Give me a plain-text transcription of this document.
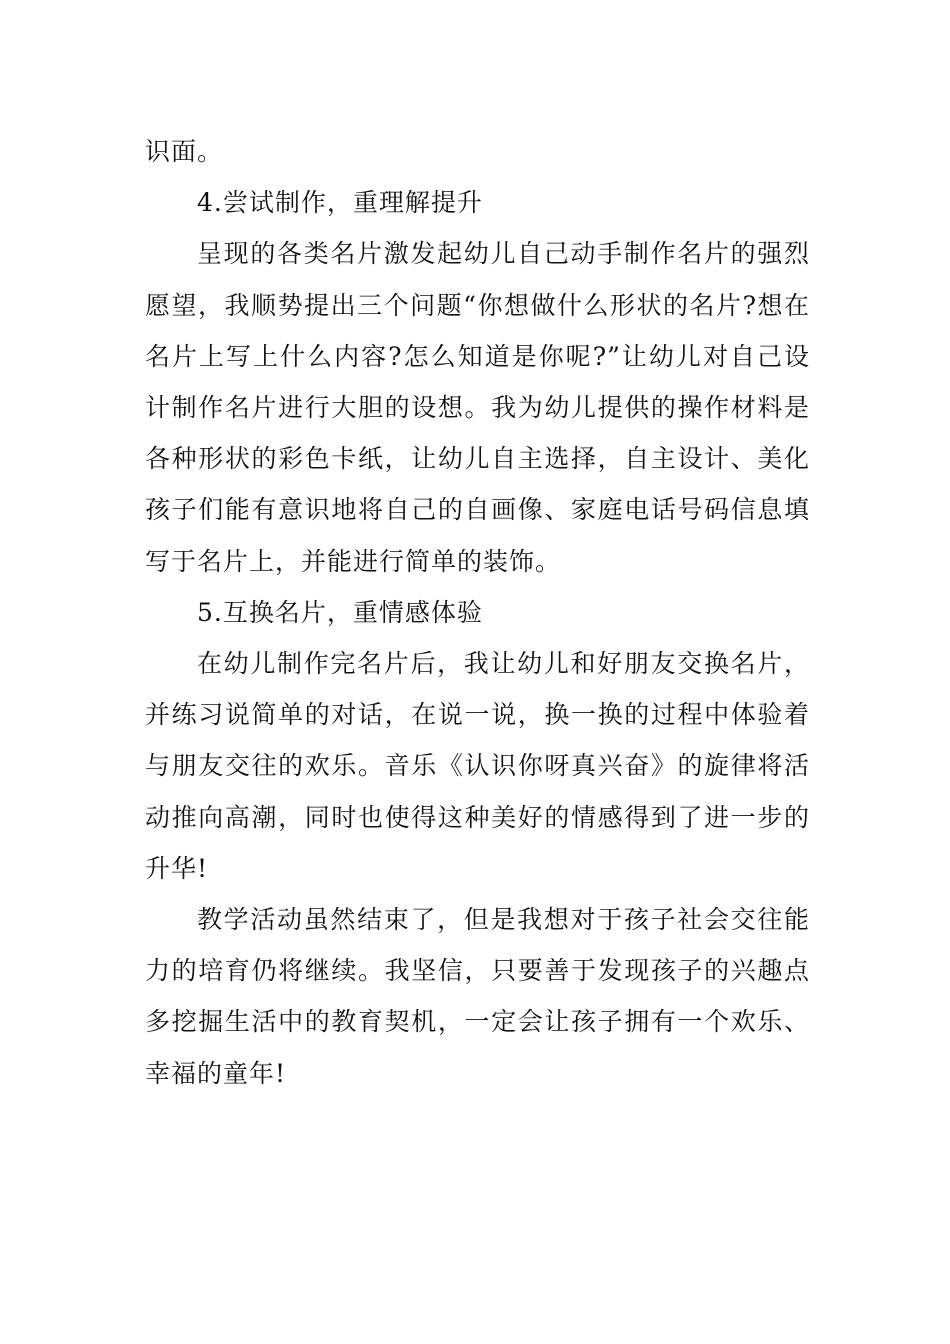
识面。

4.尝试制作，重理解提升

呈现的各类名片激发起幼儿自己动手制作名片的强烈愿望，我顺势提出三个问题“你想做什么形状的名片?想在名片上写上什么内容?怎么知道是你呢?”让幼儿对自己设计制作名片进行大胆的设想。我为幼儿提供的操作材料是各种形状的彩色卡纸，让幼儿自主选择，自主设计、美化孩子们能有意识地将自己的自画像、家庭电话号码信息填写于名片上，并能进行简单的装饰。

5.互换名片，重情感体验

在幼儿制作完名片后，我让幼儿和好朋友交换名片，并练习说简单的对话，在说一说，换一换的过程中体验着与朋友交往的欢乐。音乐《认识你呀真兴奋》的旋律将活动推向高潮，同时也使得这种美好的情感得到了进一步的升华!

教学活动虽然结束了，但是我想对于孩子社会交往能力的培育仍将继续。我坚信，只要善于发现孩子的兴趣点多挖掘生活中的教育契机，一定会让孩子拥有一个欢乐、幸福的童年!
